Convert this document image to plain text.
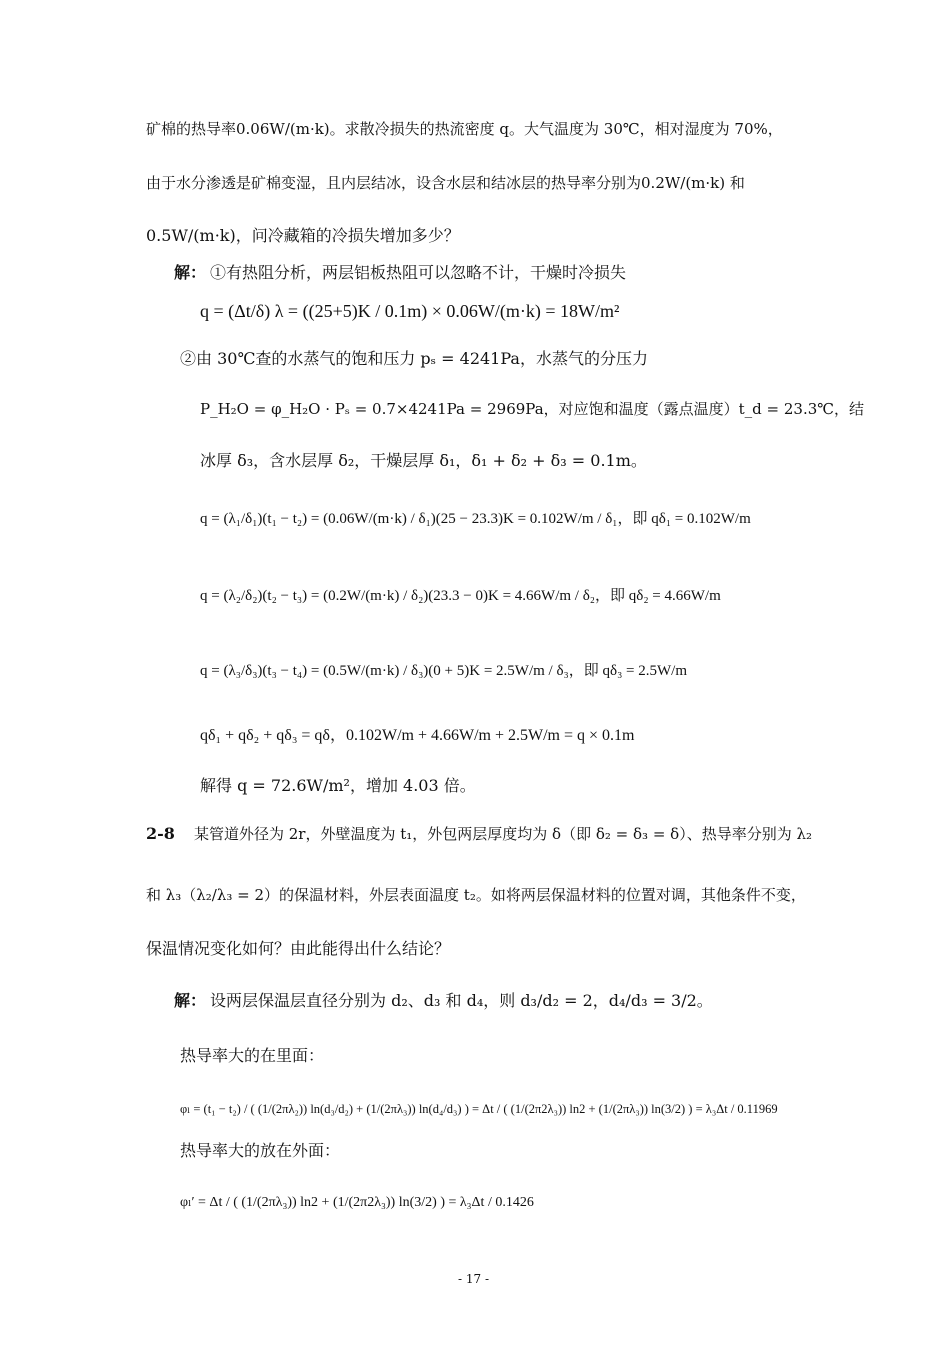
矿棉的热导率0.06W/(m·k)。求散冷损失的热流密度 q。大气温度为 30℃，相对湿度为 70%，
由于水分渗透是矿棉变湿，且内层结冰，设含水层和结冰层的热导率分别为0.2W/(m·k) 和
0.5W/(m·k)，问冷藏箱的冷损失增加多少？
解： ①有热阻分析，两层铝板热阻可以忽略不计，干燥时冷损失
q = (Δt/δ) λ = ((25+5)K / 0.1m) × 0.06W/(m·k) = 18W/m²
②由 30℃查的水蒸气的饱和压力 pₛ = 4241Pa，水蒸气的分压力
P_H₂O = φ_H₂O · Pₛ = 0.7×4241Pa = 2969Pa，对应饱和温度（露点温度）t_d = 23.3℃，结
冰厚 δ₃，含水层厚 δ₂，干燥层厚 δ₁，δ₁ + δ₂ + δ₃ = 0.1m。
q = (λ₁/δ₁)(t₁ − t₂) = (0.06W/(m·k) / δ₁)(25 − 23.3)K = 0.102W/m / δ₁，即 qδ₁ = 0.102W/m
q = (λ₂/δ₂)(t₂ − t₃) = (0.2W/(m·k) / δ₂)(23.3 − 0)K = 4.66W/m / δ₂，即 qδ₂ = 4.66W/m
q = (λ₃/δ₃)(t₃ − t₄) = (0.5W/(m·k) / δ₃)(0 + 5)K = 2.5W/m / δ₃，即 qδ₃ = 2.5W/m
qδ₁ + qδ₂ + qδ₃ = qδ，0.102W/m + 4.66W/m + 2.5W/m = q × 0.1m
解得 q = 72.6W/m²，增加 4.03 倍。
2-8 某管道外径为 2r，外壁温度为 t₁，外包两层厚度均为 δ（即 δ₂ = δ₃ = δ）、热导率分别为 λ₂
和 λ₃（λ₂/λ₃ = 2）的保温材料，外层表面温度 t₂。如将两层保温材料的位置对调，其他条件不变，
保温情况变化如何？由此能得出什么结论？
解： 设两层保温层直径分别为 d₂、d₃ 和 d₄，则 d₃/d₂ = 2，d₄/d₃ = 3/2。
热导率大的在里面：
φₗ = (t₁ − t₂) / ( (1/(2πλ₂)) ln(d₃/d₂) + (1/(2πλ₃)) ln(d₄/d₃) ) = Δt / ( (1/(2π2λ₃)) ln2 + (1/(2πλ₃)) ln(3/2) ) = λ₃Δt / 0.11969
热导率大的放在外面：
φₗ′ = Δt / ( (1/(2πλ₃)) ln2 + (1/(2π2λ₃)) ln(3/2) ) = λ₃Δt / 0.1426
- 17 -
